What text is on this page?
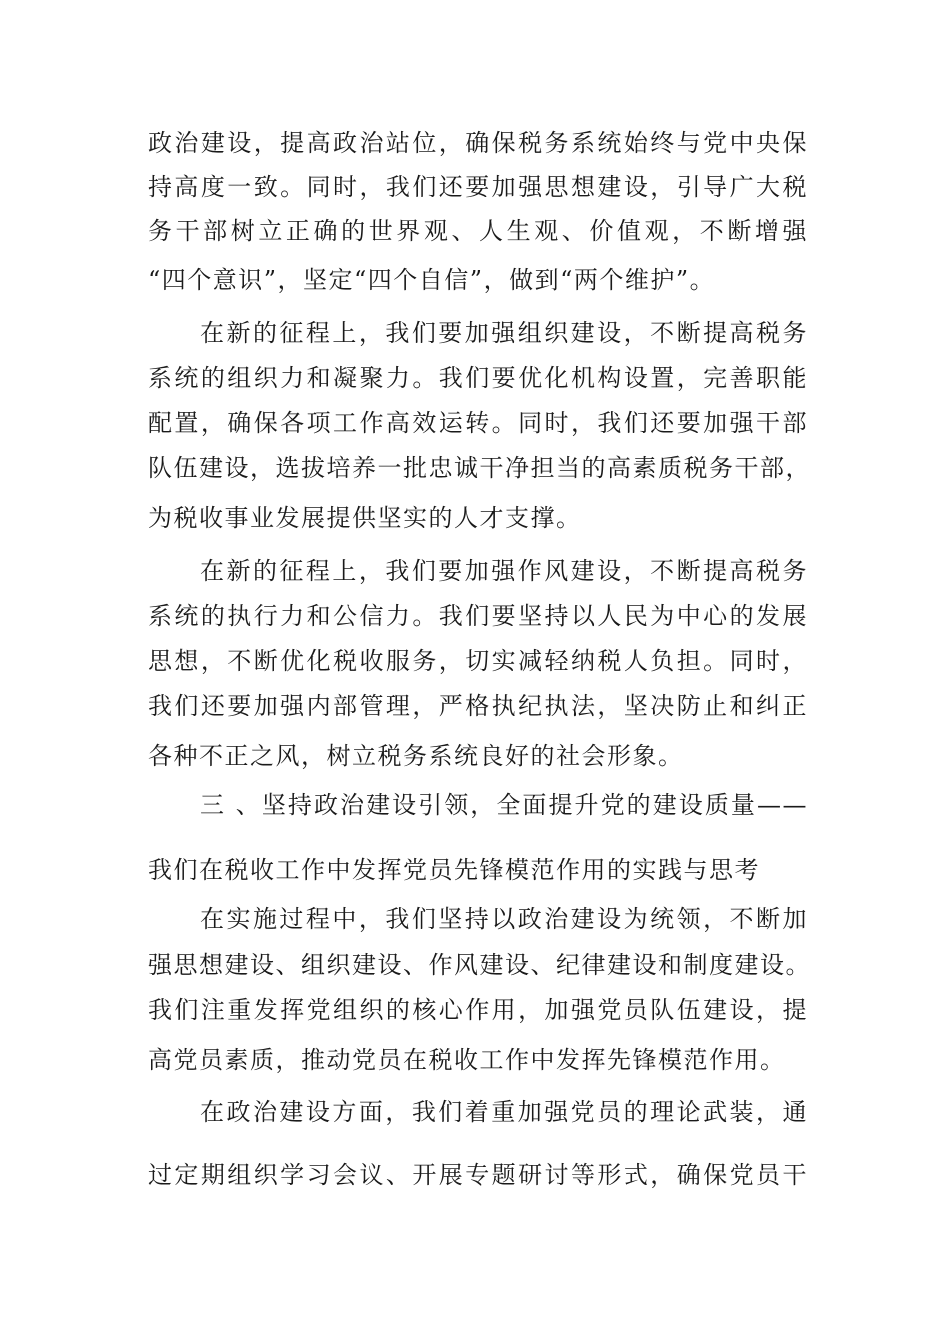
政治建设，提高政治站位，确保税务系统始终与党中央保
持高度一致。同时，我们还要加强思想建设，引导广大税
务干部树立正确的世界观、人生观、价值观，不断增强
“四个意识”，坚定“四个自信”，做到“两个维护”。
在新的征程上，我们要加强组织建设，不断提高税务
系统的组织力和凝聚力。我们要优化机构设置，完善职能
配置，确保各项工作高效运转。同时，我们还要加强干部
队伍建设，选拔培养一批忠诚干净担当的高素质税务干部，
为税收事业发展提供坚实的人才支撑。
在新的征程上，我们要加强作风建设，不断提高税务
系统的执行力和公信力。我们要坚持以人民为中心的发展
思想，不断优化税收服务，切实减轻纳税人负担。同时，
我们还要加强内部管理，严格执纪执法，坚决防止和纠正
各种不正之风，树立税务系统良好的社会形象。
三 、坚持政治建设引领，全面提升党的建设质量——
我们在税收工作中发挥党员先锋模范作用的实践与思考
在实施过程中，我们坚持以政治建设为统领，不断加
强思想建设、组织建设、作风建设、纪律建设和制度建设。
我们注重发挥党组织的核心作用，加强党员队伍建设，提
高党员素质，推动党员在税收工作中发挥先锋模范作用。
在政治建设方面，我们着重加强党员的理论武装，通
过定期组织学习会议、开展专题研讨等形式，确保党员干
